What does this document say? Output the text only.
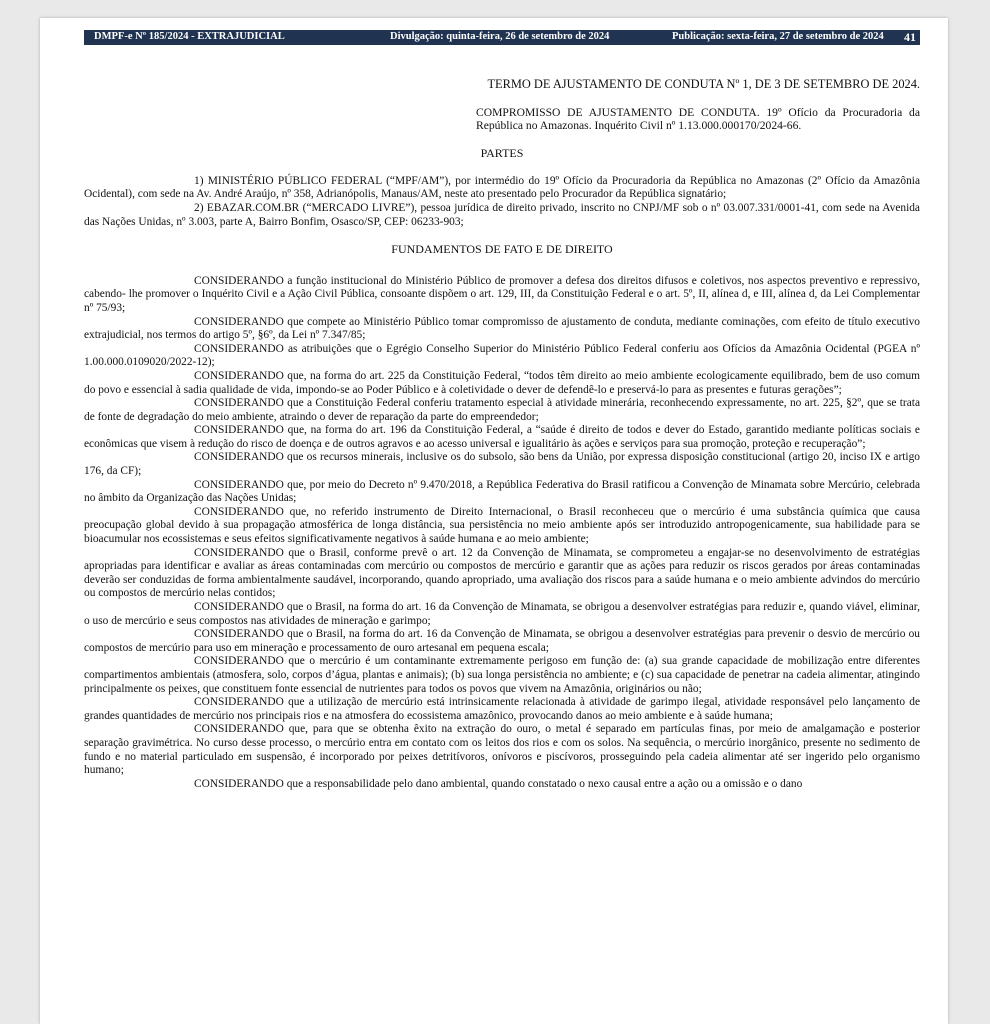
DMPF-e Nº 185/2024 - EXTRAJUDICIAL	Divulgação: quinta-feira, 26 de setembro de 2024	Publicação: sexta-feira, 27 de setembro de 2024 41
TERMO DE AJUSTAMENTO DE CONDUTA Nº 1, DE 3 DE SETEMBRO DE 2024.
COMPROMISSO DE AJUSTAMENTO DE CONDUTA. 19º Ofício da Procuradoria da República no Amazonas. Inquérito Civil nº 1.13.000.000170/2024-66.
PARTES

1) MINISTÉRIO PÚBLICO FEDERAL (“MPF/AM”), por intermédio do 19º Ofício da Procuradoria da República no Amazonas (2º Ofício da Amazônia Ocidental), com sede na Av. André Araújo, nº 358, Adrianópolis, Manaus/AM, neste ato presentado pelo Procurador da República signatário;

2) EBAZAR.COM.BR (“MERCADO LIVRE”), pessoa jurídica de direito privado, inscrito no CNPJ/MF sob o nº 03.007.331/0001-41, com sede na Avenida das Nações Unidas, nº 3.003, parte A, Bairro Bonfim, Osasco/SP, CEP: 06233-903;

FUNDAMENTOS DE FATO E DE DIREITO

CONSIDERANDO a função institucional do Ministério Público de promover a defesa dos direitos difusos e coletivos, nos aspectos preventivo e repressivo, cabendo- lhe promover o Inquérito Civil e a Ação Civil Pública, consoante dispõem o art. 129, III, da Constituição Federal e o art. 5º, II, alínea d, e III, alínea d, da Lei Complementar nº 75/93;

CONSIDERANDO que compete ao Ministério Público tomar compromisso de ajustamento de conduta, mediante cominações, com efeito de título executivo extrajudicial, nos termos do artigo 5º, §6º, da Lei nº 7.347/85;

CONSIDERANDO as atribuições que o Egrégio Conselho Superior do Ministério Público Federal conferiu aos Ofícios da Amazônia Ocidental (PGEA nº 1.00.000.0109020/2022-12);

CONSIDERANDO que, na forma do art. 225 da Constituição Federal, “todos têm direito ao meio ambiente ecologicamente equilibrado, bem de uso comum do povo e essencial à sadia qualidade de vida, impondo-se ao Poder Público e à coletividade o dever de defendê-lo e preservá-lo para as presentes e futuras gerações”;

CONSIDERANDO que a Constituição Federal conferiu tratamento especial à atividade minerária, reconhecendo expressamente, no art. 225, §2º, que se trata de fonte de degradação do meio ambiente, atraindo o dever de reparação da parte do empreendedor;

CONSIDERANDO que, na forma do art. 196 da Constituição Federal, a “saúde é direito de todos e dever do Estado, garantido mediante políticas sociais e econômicas que visem à redução do risco de doença e de outros agravos e ao acesso universal e igualitário às ações e serviços para sua promoção, proteção e recuperação”;

CONSIDERANDO que os recursos minerais, inclusive os do subsolo, são bens da União, por expressa disposição constitucional (artigo 20, inciso IX e artigo 176, da CF);

CONSIDERANDO que, por meio do Decreto nº 9.470/2018, a República Federativa do Brasil ratificou a Convenção de Minamata sobre Mercúrio, celebrada no âmbito da Organização das Nações Unidas;

CONSIDERANDO que, no referido instrumento de Direito Internacional, o Brasil reconheceu que o mercúrio é uma substância química que causa preocupação global devido à sua propagação atmosférica de longa distância, sua persistência no meio ambiente após ser introduzido antropogenicamente, sua habilidade para se bioacumular nos ecossistemas e seus efeitos significativamente negativos à saúde humana e ao meio ambiente;

CONSIDERANDO que o Brasil, conforme prevê o art. 12 da Convenção de Minamata, se comprometeu a engajar-se no desenvolvimento de estratégias apropriadas para identificar e avaliar as áreas contaminadas com mercúrio ou compostos de mercúrio e garantir que as ações para reduzir os riscos gerados por áreas contaminadas deverão ser conduzidas de forma ambientalmente saudável, incorporando, quando apropriado, uma avaliação dos riscos para a saúde humana e o meio ambiente advindos do mercúrio ou compostos de mercúrio nelas contidos;

CONSIDERANDO que o Brasil, na forma do art. 16 da Convenção de Minamata, se obrigou a desenvolver estratégias para reduzir e, quando viável, eliminar, o uso de mercúrio e seus compostos nas atividades de mineração e garimpo;

CONSIDERANDO que o Brasil, na forma do art. 16 da Convenção de Minamata, se obrigou a desenvolver estratégias para prevenir o desvio de mercúrio ou compostos de mercúrio para uso em mineração e processamento de ouro artesanal em pequena escala;

CONSIDERANDO que o mercúrio é um contaminante extremamente perigoso em função de: (a) sua grande capacidade de mobilização entre diferentes compartimentos ambientais (atmosfera, solo, corpos d’água, plantas e animais); (b) sua longa persistência no ambiente; e (c) sua capacidade de penetrar na cadeia alimentar, atingindo principalmente os peixes, que constituem fonte essencial de nutrientes para todos os povos que vivem na Amazônia, originários ou não;

CONSIDERANDO que a utilização de mercúrio está intrinsicamente relacionada à atividade de garimpo ilegal, atividade responsável pelo lançamento de grandes quantidades de mercúrio nos principais rios e na atmosfera do ecossistema amazônico, provocando danos ao meio ambiente e à saúde humana;

CONSIDERANDO que, para que se obtenha êxito na extração do ouro, o metal é separado em partículas finas, por meio de amalgamação e posterior separação gravimétrica. No curso desse processo, o mercúrio entra em contato com os leitos dos rios e com os solos. Na sequência, o mercúrio inorgânico, presente no sedimento de fundo e no material particulado em suspensão, é incorporado por peixes detritívoros, onívoros e piscívoros, prosseguindo pela cadeia alimentar até ser ingerido pelo organismo humano;

CONSIDERANDO que a responsabilidade pelo dano ambiental, quando constatado o nexo causal entre a ação ou a omissão e o dano
